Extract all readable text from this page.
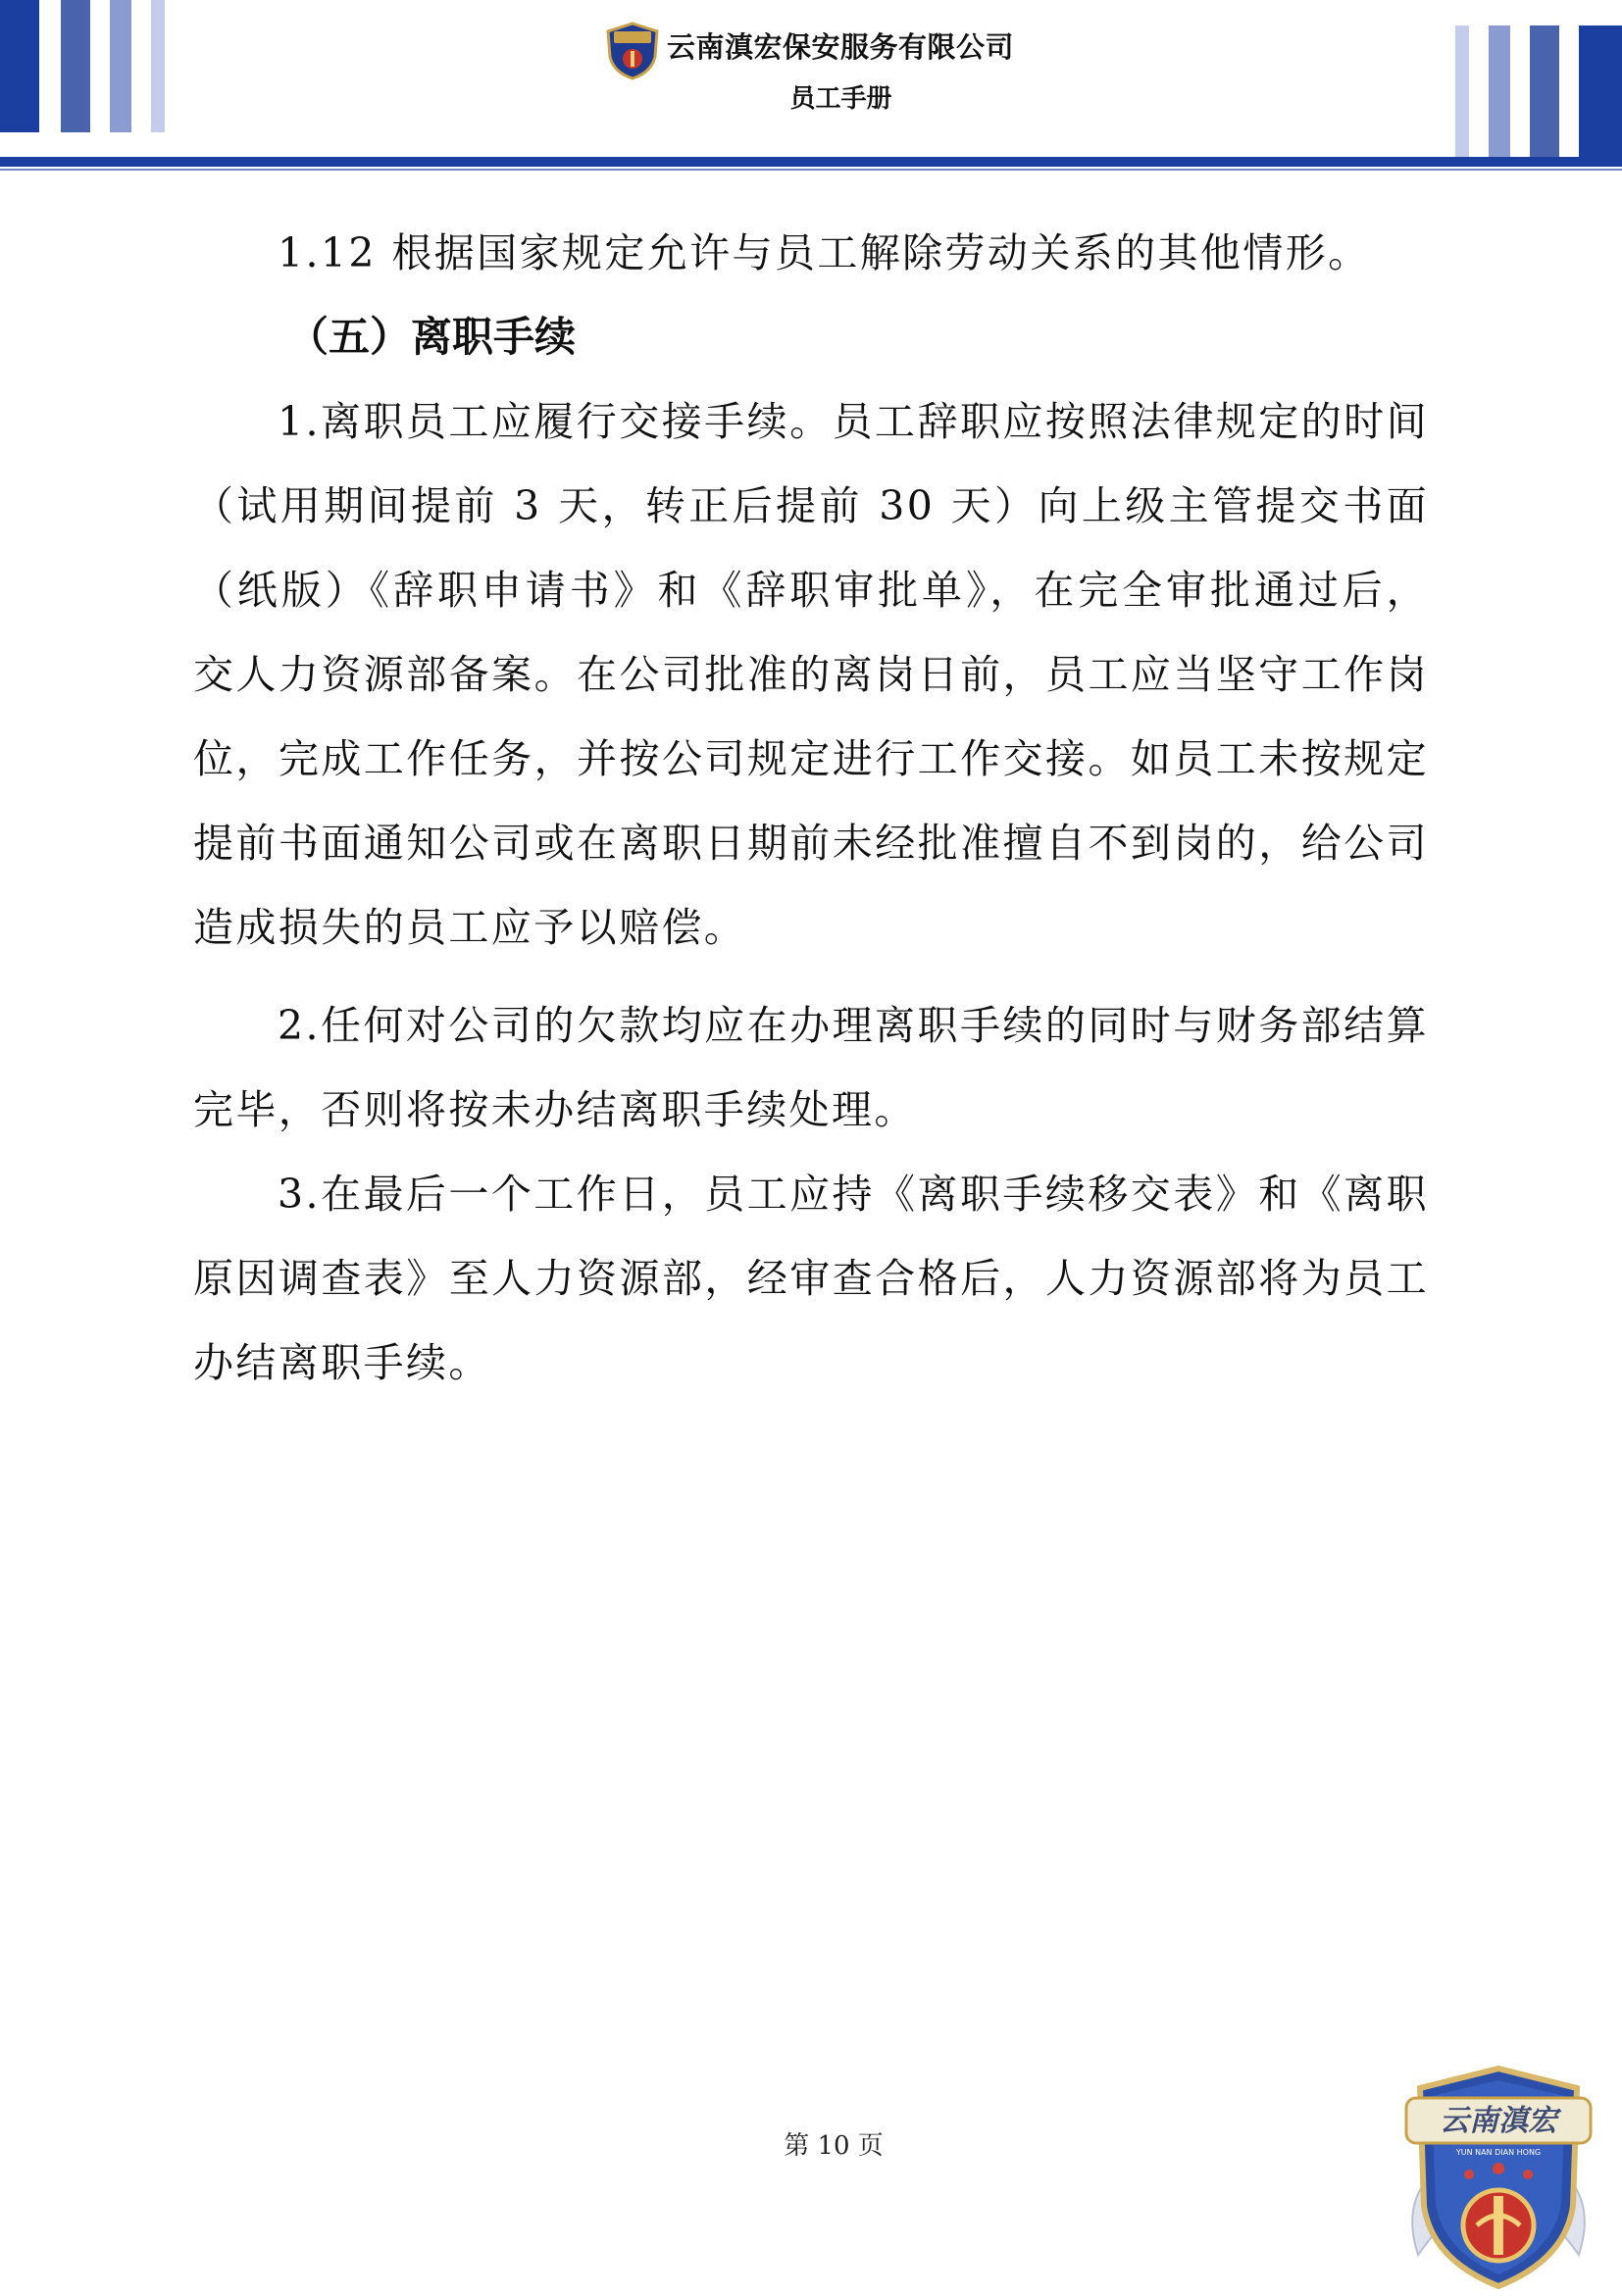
云南滇宏保安服务有限公司
员工手册

1.12 根据国家规定允许与员工解除劳动关系的其他情形。

（五）离职手续

1.离职员工应履行交接手续。员工辞职应按照法律规定的时间（试用期间提前 3 天，转正后提前 30 天）向上级主管提交书面（纸版）《辞职申请书》和《辞职审批单》，在完全审批通过后，交人力资源部备案。在公司批准的离岗日前，员工应当坚守工作岗位，完成工作任务，并按公司规定进行工作交接。如员工未按规定提前书面通知公司或在离职日期前未经批准擅自不到岗的，给公司造成损失的员工应予以赔偿。

2.任何对公司的欠款均应在办理离职手续的同时与财务部结算完毕，否则将按未办结离职手续处理。

3.在最后一个工作日，员工应持《离职手续移交表》和《离职原因调查表》至人力资源部，经审查合格后，人力资源部将为员工办结离职手续。

第 10 页
云南滇宏
YUN NAN DIAN HONG
